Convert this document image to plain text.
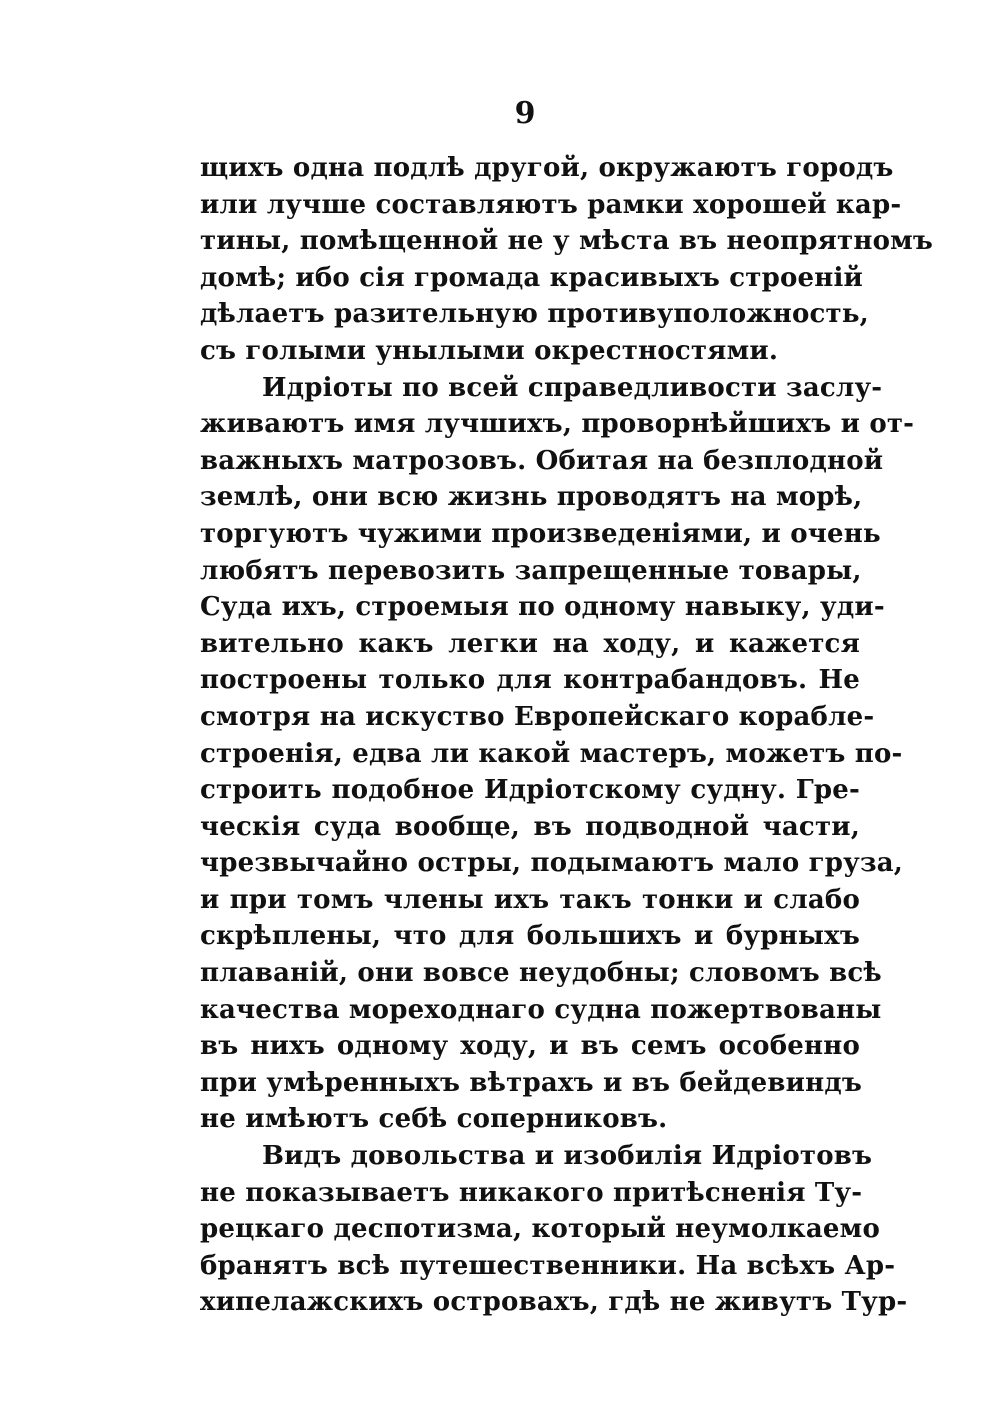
9
щихъ одна подлѣ другой, окружаютъ городъ
или лучше составляютъ рамки хорошей кар-
тины, помѣщенной не у мѣста въ неопрятномъ
домѣ; ибо сія громада красивыхъ строеній
дѣлаетъ разительную противуположность,
съ голыми унылыми окрестностями.
Идріоты по всей справедливости заслу-
живаютъ имя лучшихъ, проворнѣйшихъ и от-
важныхъ матрозовъ. Обитая на безплодной
землѣ, они всю жизнь проводятъ на морѣ,
торгуютъ чужими произведеніями, и очень
любятъ перевозить запрещенные товары,
Суда ихъ, строемыя по одному навыку, уди-
вительно какъ легки на ходу, и кажется
построены только для контрабандовъ. Не
смотря на искуство Европейскаго корабле-
строенія, едва ли какой мастеръ, можетъ по-
строить подобное Идріотскому судну. Гре-
ческія суда вообще, въ подводной части,
чрезвычайно остры, подымаютъ мало груза,
и при томъ члены ихъ такъ тонки и слабо
скрѣплены, что для большихъ и бурныхъ
плаваній, они вовсе неудобны; словомъ всѣ
качества мореходнаго судна пожертвованы
въ нихъ одному ходу, и въ семъ особенно
при умѣренныхъ вѣтрахъ и въ бейдевиндъ
не имѣютъ себѣ соперниковъ.
Видъ довольства и изобилія Идріотовъ
не показываетъ никакого притѣсненія Ту-
рецкаго деспотизма, который неумолкаемо
бранятъ всѣ путешественники. На всѣхъ Ар-
хипелажскихъ островахъ, гдѣ не живутъ Тур-
